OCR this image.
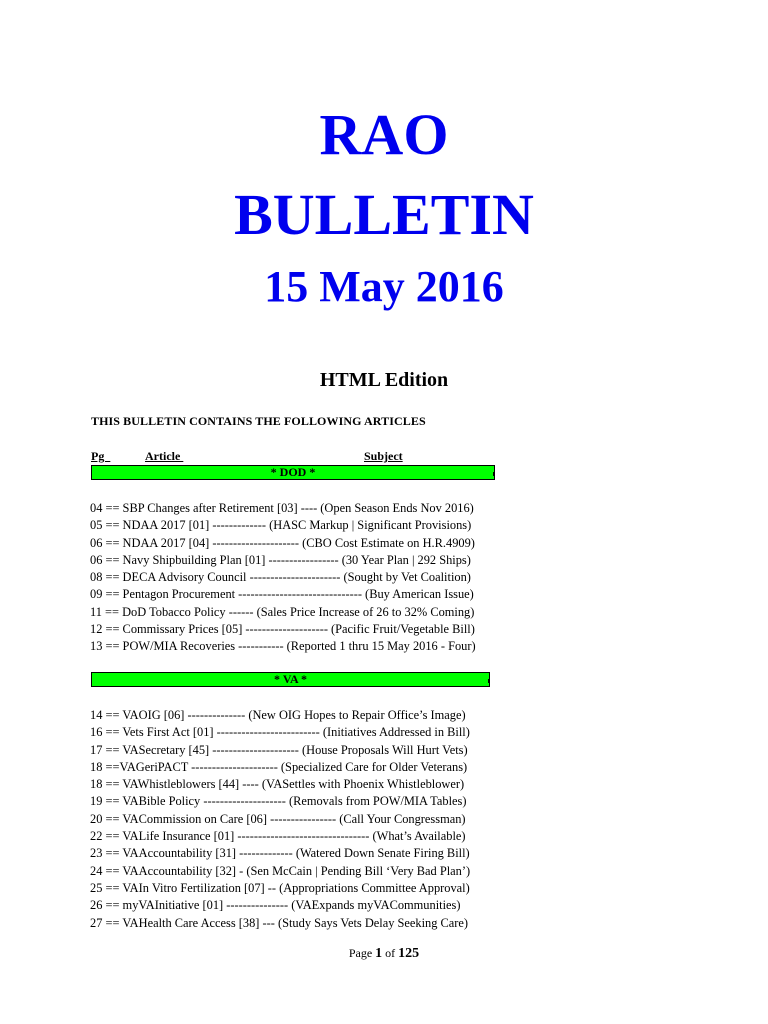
RAO
BULLETIN
15 May 2016
HTML Edition
THIS BULLETIN CONTAINS THE FOLLOWING ARTICLES
Pg	Article	Subject
* DOD *
04 == SBP Changes after Retirement [03] ---- (Open Season Ends Nov 2016)
05 == NDAA 2017 [01] ------------- (HASC Markup | Significant Provisions)
06 == NDAA 2017 [04] --------------------- (CBO Cost Estimate on H.R.4909)
06 == Navy Shipbuilding Plan [01] ----------------- (30 Year Plan | 292 Ships)
08 == DECA Advisory Council ---------------------- (Sought by Vet Coalition)
09 == Pentagon Procurement ------------------------------ (Buy American Issue)
11 == DoD Tobacco Policy ------ (Sales Price Increase of 26 to 32% Coming)
12 == Commissary Prices [05] -------------------- (Pacific Fruit/Vegetable Bill)
13 == POW/MIA Recoveries ----------- (Reported 1 thru 15 May 2016 - Four)
* VA *
14 == VAOIG [06] -------------- (New OIG Hopes to Repair Office’s Image)
16 == Vets First Act [01] ------------------------- (Initiatives Addressed in Bill)
17 == VASecretary [45] --------------------- (House Proposals Will Hurt Vets)
18 ==VAGeriPACT --------------------- (Specialized Care for Older Veterans)
18 == VAWhistleblowers [44] ---- (VASettles with Phoenix Whistleblower)
19 == VABible Policy -------------------- (Removals from POW/MIA Tables)
20 == VACommission on Care [06] ---------------- (Call Your Congressman)
22 == VALife Insurance [01] -------------------------------- (What’s Available)
23 == VAAccountability [31] ------------- (Watered Down Senate Firing Bill)
24 == VAAccountability [32] - (Sen McCain | Pending Bill ‘Very Bad Plan’)
25 == VAIn Vitro Fertilization [07] -- (Appropriations Committee Approval)
26 == myVAInitiative [01] --------------- (VAExpands myVACommunities)
27 == VAHealth Care Access [38] --- (Study Says Vets Delay Seeking Care)
Page 1 of 125
